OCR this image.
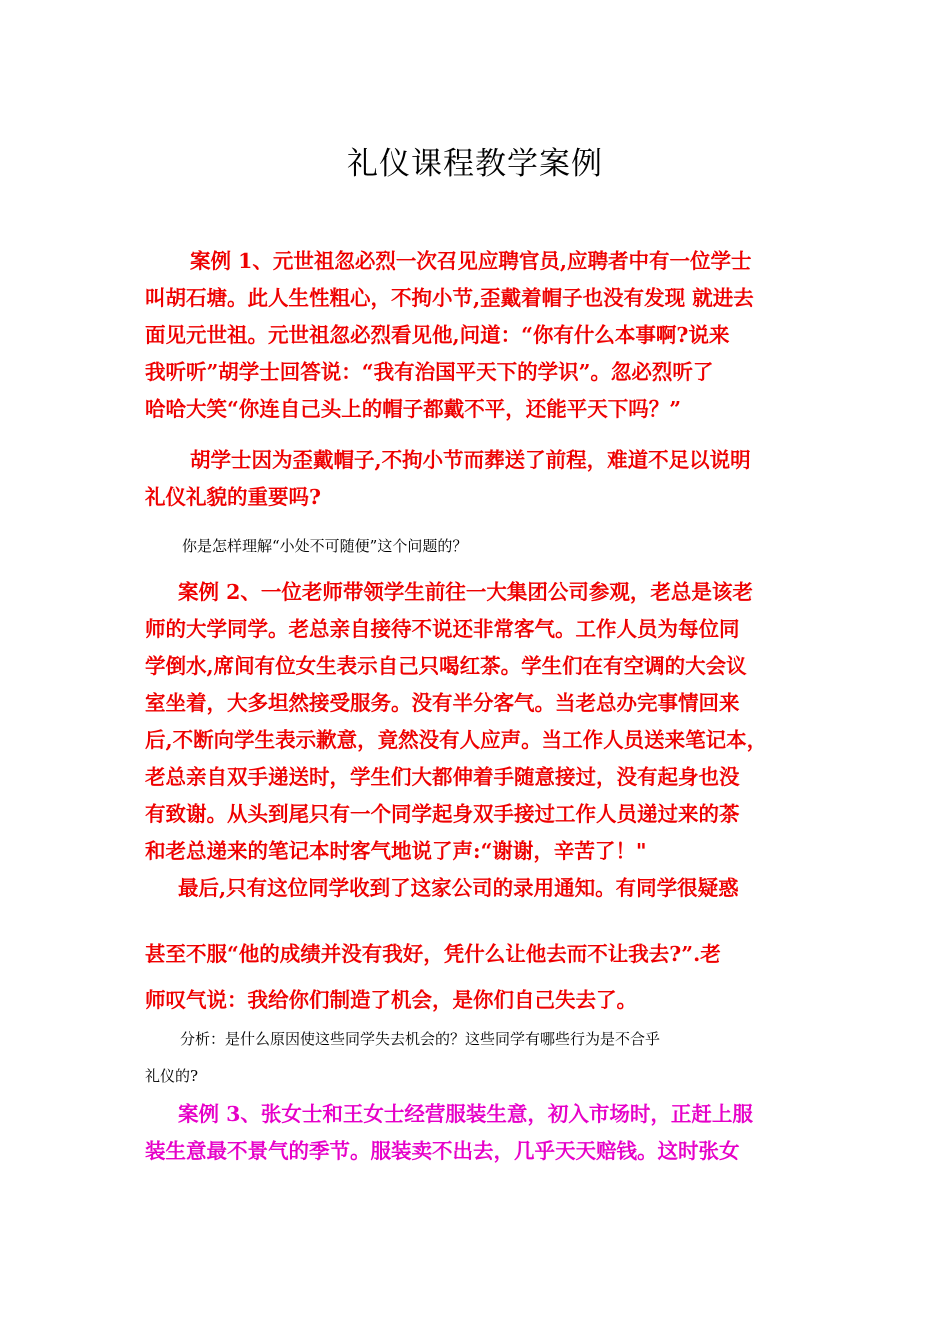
礼仪课程教学案例
案例 1、元世祖忽必烈一次召见应聘官员,应聘者中有一位学士
叫胡石塘。此人生性粗心，不拘小节,歪戴着帽子也没有发现 就进去
面见元世祖。元世祖忽必烈看见他,问道：“你有什么本事啊?说来
我听听”胡学士回答说：“我有治国平天下的学识”。忽必烈听了
哈哈大笑“你连自己头上的帽子都戴不平，还能平天下吗？”
胡学士因为歪戴帽子,不拘小节而葬送了前程，难道不足以说明
礼仪礼貌的重要吗?
你是怎样理解“小处不可随便”这个问题的？
案例 2、一位老师带领学生前往一大集团公司参观，老总是该老
师的大学同学。老总亲自接待不说还非常客气。工作人员为每位同
学倒水,席间有位女生表示自己只喝红茶。学生们在有空调的大会议
室坐着，大多坦然接受服务。没有半分客气。当老总办完事情回来
后,不断向学生表示歉意，竟然没有人应声。当工作人员送来笔记本，
老总亲自双手递送时，学生们大都伸着手随意接过，没有起身也没
有致谢。从头到尾只有一个同学起身双手接过工作人员递过来的茶
和老总递来的笔记本时客气地说了声:“谢谢，辛苦了！"
最后,只有这位同学收到了这家公司的录用通知。有同学很疑惑
甚至不服“他的成绩并没有我好，凭什么让他去而不让我去?”.老
师叹气说：我给你们制造了机会，是你们自己失去了。
分析：是什么原因使这些同学失去机会的？这些同学有哪些行为是不合乎
礼仪的?
案例 3、张女士和王女士经营服装生意，初入市场时，正赶上服
装生意最不景气的季节。服装卖不出去，几乎天天赔钱。这时张女
